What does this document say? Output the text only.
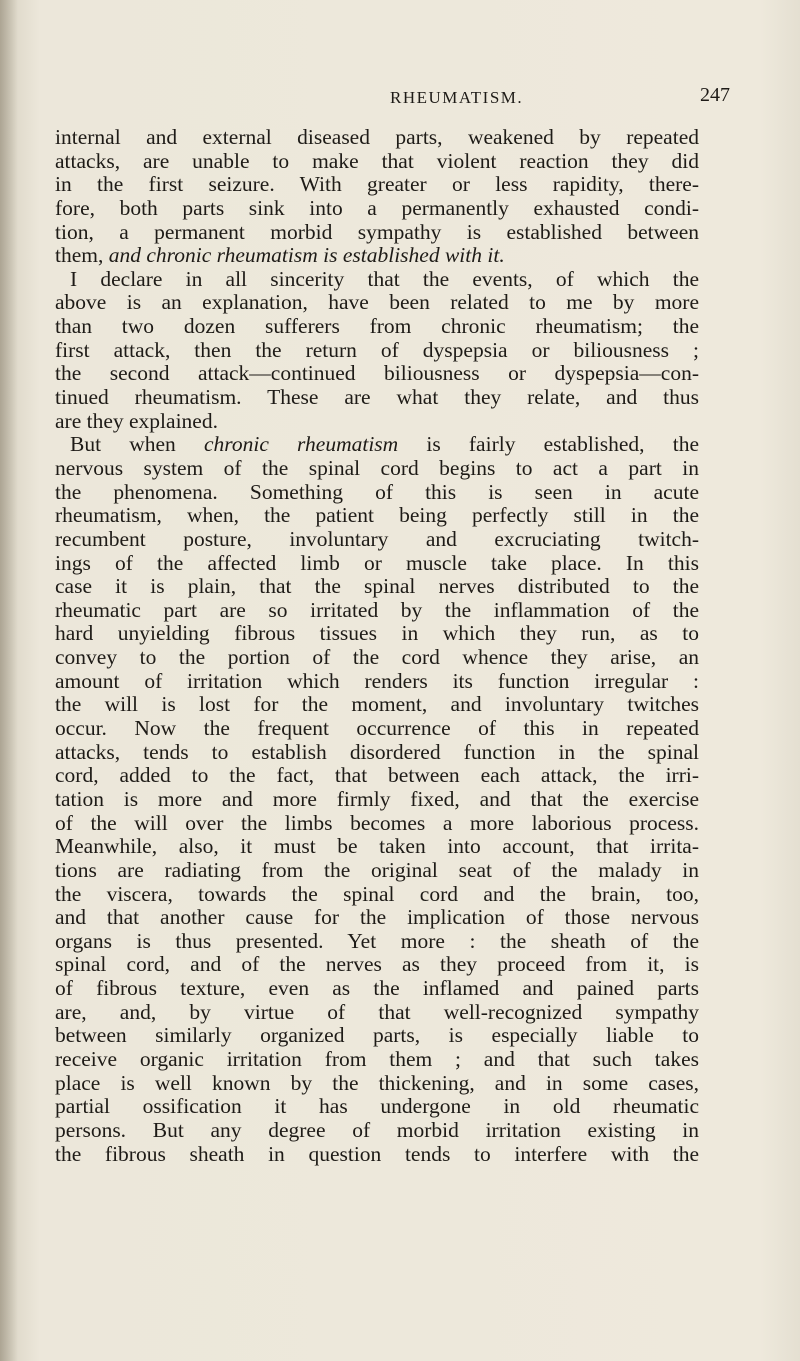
RHEUMATISM.	247
internal and external diseased parts, weakened by repeated
attacks, are unable to make that violent reaction they did
in the first seizure. With greater or less rapidity, there-
fore, both parts sink into a permanently exhausted condi-
tion, a permanent morbid sympathy is established between
them, and chronic rheumatism is established with it.
I declare in all sincerity that the events, of which the
above is an explanation, have been related to me by more
than two dozen sufferers from chronic rheumatism; the
first attack, then the return of dyspepsia or biliousness ;
the second attack—continued biliousness or dyspepsia—con-
tinued rheumatism. These are what they relate, and thus
are they explained.
But when chronic rheumatism is fairly established, the
nervous system of the spinal cord begins to act a part in
the phenomena. Something of this is seen in acute
rheumatism, when, the patient being perfectly still in the
recumbent posture, involuntary and excruciating twitch-
ings of the affected limb or muscle take place. In this
case it is plain, that the spinal nerves distributed to the
rheumatic part are so irritated by the inflammation of the
hard unyielding fibrous tissues in which they run, as to
convey to the portion of the cord whence they arise, an
amount of irritation which renders its function irregular :
the will is lost for the moment, and involuntary twitches
occur. Now the frequent occurrence of this in repeated
attacks, tends to establish disordered function in the spinal
cord, added to the fact, that between each attack, the irri-
tation is more and more firmly fixed, and that the exercise
of the will over the limbs becomes a more laborious process.
Meanwhile, also, it must be taken into account, that irrita-
tions are radiating from the original seat of the malady in
the viscera, towards the spinal cord and the brain, too,
and that another cause for the implication of those nervous
organs is thus presented. Yet more : the sheath of the
spinal cord, and of the nerves as they proceed from it, is
of fibrous texture, even as the inflamed and pained parts
are, and, by virtue of that well-recognized sympathy
between similarly organized parts, is especially liable to
receive organic irritation from them ; and that such takes
place is well known by the thickening, and in some cases,
partial ossification it has undergone in old rheumatic
persons. But any degree of morbid irritation existing in
the fibrous sheath in question tends to interfere with the
